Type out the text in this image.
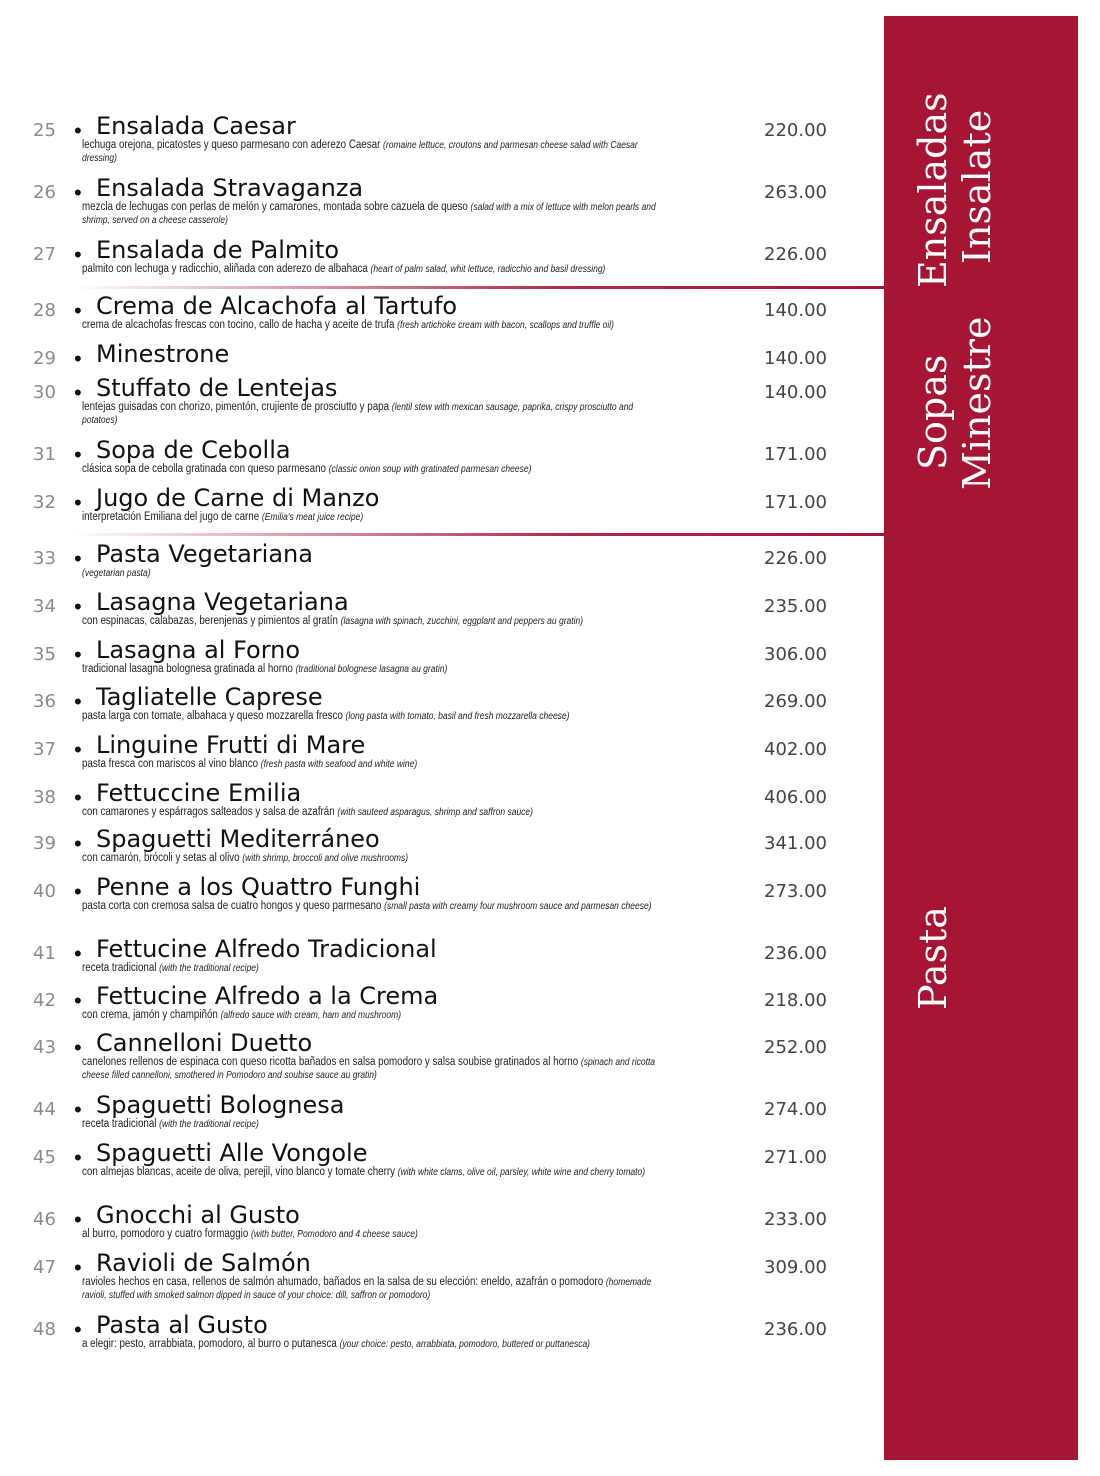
Ensaladas Insalate
Sopas Minestre
Pasta
25 • Ensalada Caesar	220.00
lechuga orejona, picatostes y queso parmesano con aderezo Caesar (romaine lettuce, croutons and parmesan cheese salad with Caesar dressing)
26 • Ensalada Stravaganza	263.00
mezcla de lechugas con perlas de melón y camarones, montada sobre cazuela de queso (salad with a mix of lettuce with melon pearls and shrimp, served on a cheese casserole)
27 • Ensalada de Palmito	226.00
palmito con lechuga y radicchio, aliñada con aderezo de albahaca (heart of palm salad, whit lettuce, radicchio and basil dressing)
28 • Crema de Alcachofa al Tartufo	140.00
crema de alcachofas frescas con tocino, callo de hacha y aceite de trufa (fresh artichoke cream with bacon, scallops and truffle oil)
29 • Minestrone	140.00
30 • Stuffato de Lentejas	140.00
lentejas guisadas con chorizo, pimentón, crujiente de prosciutto y papa (lentil stew with mexican sausage, paprika, crispy prosciutto and potatoes)
31 • Sopa de Cebolla	171.00
clásica sopa de cebolla gratinada con queso parmesano (classic onion soup with gratinated parmesan cheese)
32 • Jugo de Carne di Manzo	171.00
interpretación Emiliana del jugo de carne (Emilia's meat juice recipe)
33 • Pasta Vegetariana	226.00
(vegetarian pasta)
34 • Lasagna Vegetariana	235.00
con espinacas, calabazas, berenjenas y pimientos al gratín (lasagna with spinach, zucchini, eggplant and peppers au gratin)
35 • Lasagna al Forno	306.00
tradicional lasagna bolognesa gratinada al horno (traditional bolognese lasagna au gratin)
36 • Tagliatelle Caprese	269.00
pasta larga con tomate, albahaca y queso mozzarella fresco (long pasta with tomato, basil and fresh mozzarella cheese)
37 • Linguine Frutti di Mare	402.00
pasta fresca con mariscos al vino blanco (fresh pasta with seafood and white wine)
38 • Fettuccine Emilia	406.00
con camarones y espárragos salteados y salsa de azafrán (with sauteed asparagus, shrimp and saffron sauce)
39 • Spaguetti Mediterráneo	341.00
con camarón, brócoli y setas al olivo (with shrimp, broccoli and olive mushrooms)
40 • Penne a los Quattro Funghi	273.00
pasta corta con cremosa salsa de cuatro hongos y queso parmesano (small pasta with creamy four mushroom sauce and parmesan cheese)
41 • Fettucine Alfredo Tradicional	236.00
receta tradicional (with the traditional recipe)
42 • Fettucine Alfredo a la Crema	218.00
con crema, jamón y champiñón (alfredo sauce with cream, ham and mushroom)
43 • Cannelloni Duetto	252.00
canelones rellenos de espinaca con queso ricotta bañados en salsa pomodoro y salsa soubise gratinados al horno (spinach and ricotta cheese filled cannelloni, smothered in Pomodoro and soubise sauce au gratin)
44 • Spaguetti Bolognesa	274.00
receta tradicional (with the traditional recipe)
45 • Spaguetti Alle Vongole	271.00
con almejas blancas, aceite de oliva, perejil, vino blanco y tomate cherry (with white clams, olive oil, parsley, white wine and cherry tomato)
46 • Gnocchi al Gusto	233.00
al burro, pomodoro y cuatro formaggio (with butter, Pomodoro and 4 cheese sauce)
47 • Ravioli de Salmón	309.00
ravioles hechos en casa, rellenos de salmón ahumado, bañados en la salsa de su elección: eneldo, azafrán o pomodoro (homemade ravioli, stuffed with smoked salmon dipped in sauce of your choice: dill, saffron or pomodoro)
48 • Pasta al Gusto	236.00
a elegir: pesto, arrabbiata, pomodoro, al burro o putanesca (your choice: pesto, arrabbiata, pomodoro, buttered or puttanesca)
